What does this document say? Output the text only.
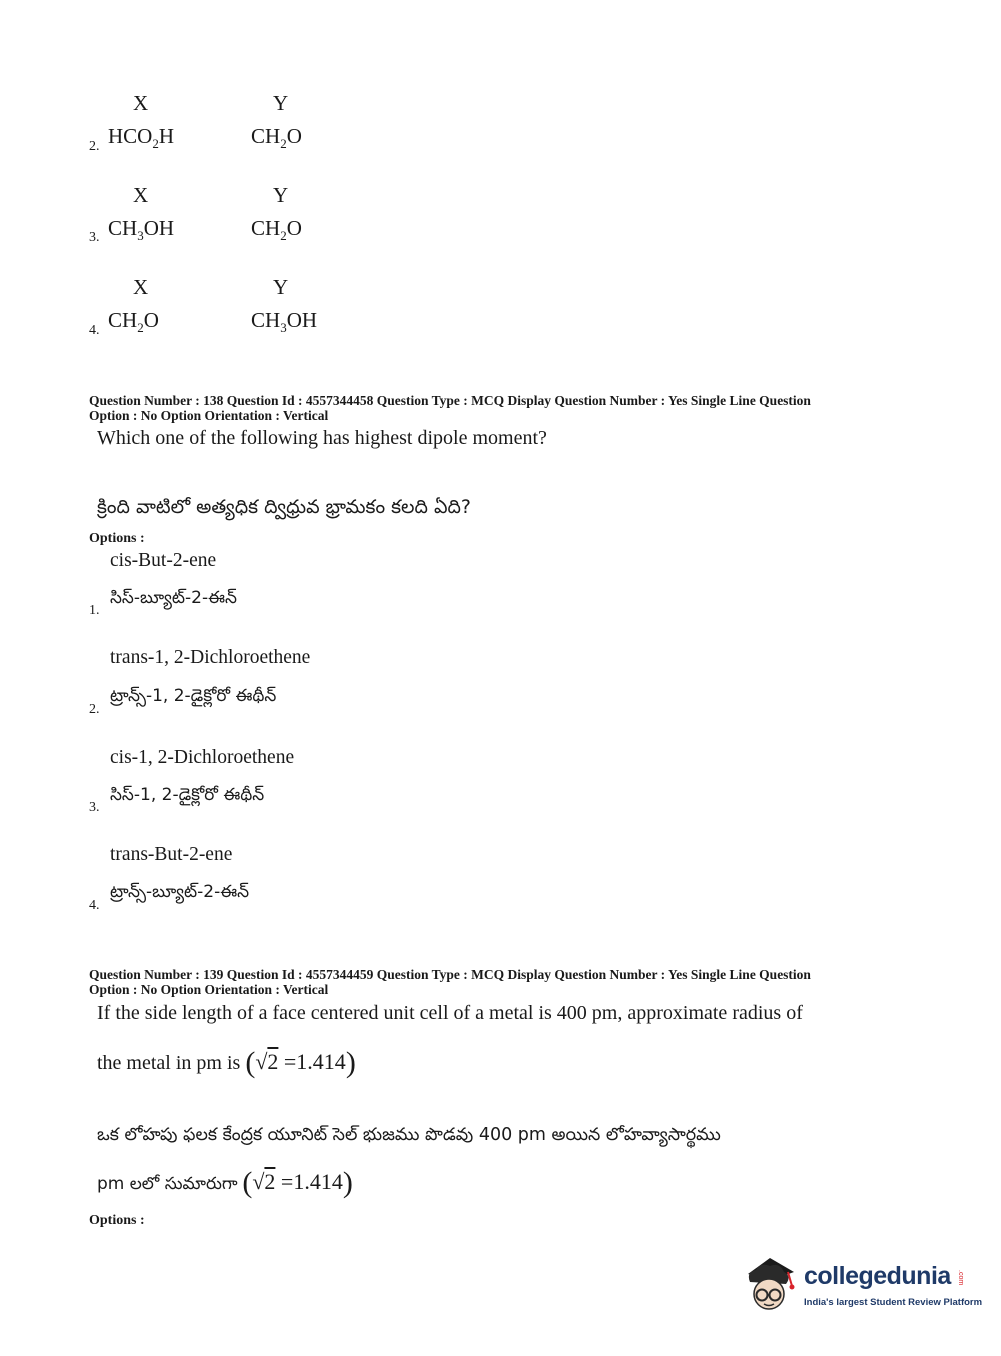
X	Y
2. $HCO_2H$	$CH_2O$
X	Y
3. $CH_3OH$	$CH_2O$
X	Y
4. $CH_2O$	$CH_3OH$
Question Number : 138 Question Id : 4557344458 Question Type : MCQ Display Question Number : Yes Single Line Question
Option : No Option Orientation : Vertical
Which one of the following has highest dipole moment?
క్రింది వాటిలో అత్యధిక ద్విధ్రువ భ్రామకం కలది ఏది?
Options :
cis-But-2-ene
సిస్-బ్యూట్-2-ఈన్
1.
trans-1, 2-Dichloroethene
ట్రాన్స్-1, 2-డైక్లోరో ఈథీన్
2.
cis-1, 2-Dichloroethene
సిస్-1, 2-డైక్లోరో ఈథీన్
3.
trans-But-2-ene
ట్రాన్స్-బ్యూట్-2-ఈన్
4.
Question Number : 139 Question Id : 4557344459 Question Type : MCQ Display Question Number : Yes Single Line Question
Option : No Option Orientation : Vertical
If the side length of a face centered unit cell of a metal is 400 pm, approximate radius of
the metal in pm is (√2 =1.414)
ఒక లోహపు ఫలక కేంద్రక యూనిట్ సెల్ భుజము పొడవు 400 pm అయిన లోహవ్యాసార్థము
pm లలో సుమారుగా (√2 =1.414)
Options :
collegedunia .com
India's largest Student Review Platform
